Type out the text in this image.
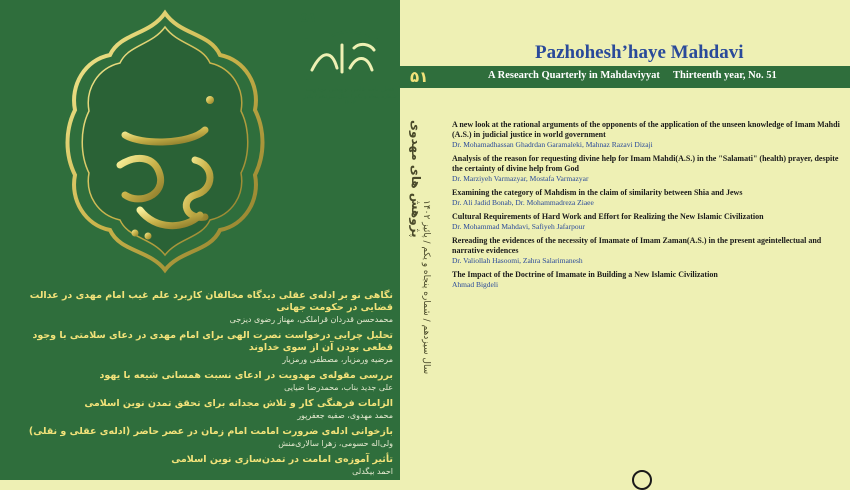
نگاهی نو بر ادله‌ی عقلی دیدگاه مخالفان کاربرد علم غیب امام مهدی در عدالت قضایی در حکومت جهانی
محمدحسن قدردان قراملکی، مهناز رضوی دیزجی
تحلیل چرایی درخواست نصرت الهی برای امام مهدی در دعای سلامتی با وجود قطعی بودن آن از سوی خداوند
مرضیه ورمزیار، مصطفی ورمزیار
بررسی مقوله‌ی مهدویت در ادعای نسبت همسانی شیعه با یهود
علی جدید بناب، محمدرضا ضیایی
الزامات فرهنگی کار و تلاش مجدانه برای تحقق تمدن نوین اسلامی
محمد مهدوی، صفیه جعفرپور
بازخوانی ادله‌ی ضرورت امامت امام زمان در عصر حاضر (ادله‌ی عقلی و نقلی)
ولی‌اله حسومی، زهرا سالاری‌منش
تأثیر آموزه‌ی امامت در تمدن‌سازی نوین اسلامی
احمد بیگدلی
پژوهش های مهدوی
سال سیزدهم / شماره پنجاه و یکم / پائیز ۱۴۰۲
۵۱
فصل نامه علمی ترویجی مهدویت
شماره پنجاه و یکم / سال سیزدهم / پائیز ۱۴۰۲
Pazhohesh’haye Mahdavi
۵۱	A Research Quarterly in Mahdaviyyat Thirteenth year, No. 51
A new look at the rational arguments of the opponents of the application of the unseen knowledge of Imam Mahdi (A.S.) in judicial justice in world government
Dr. Mohamadhassan Ghadrdan Garamaleki, Mahnaz Razavi Dizaji
Analysis of the reason for requesting divine help for Imam Mahdi(A.S.) in the "Salamati" (health) prayer, despite the certainty of divine help from God
Dr. Marziyeh Varmazyar, Mostafa Varmazyar
Examining the category of Mahdism in the claim of similarity between Shia and Jews
Dr. Ali Jadid Bonab, Dr. Mohammadreza Ziaee
Cultural Requirements of Hard Work and Effort for Realizing the New Islamic Civilization
Dr. Mohammad Mahdavi, Safiyeh Jafarpour
Rereading the evidences of the necessity of Imamate of Imam Zaman(A.S.) in the present ageintellectual and narrative evidences
Dr. Valiollah Hasoomi, Zahra Salarimanesh
The Impact of the Doctrine of Imamate in Building a New Islamic Civilization
Ahmad Bigdeli
